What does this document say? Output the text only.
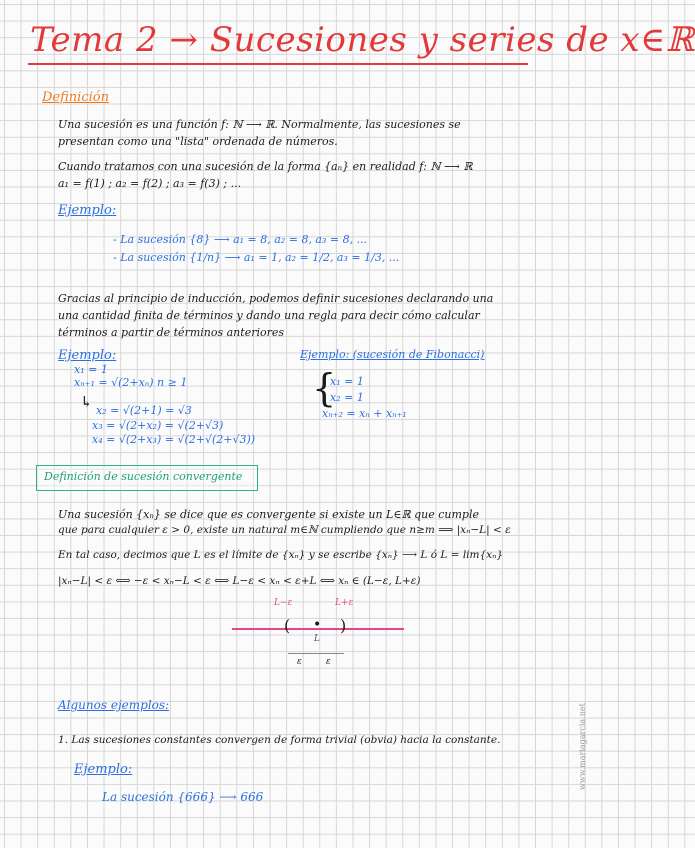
Tema 2 → Sucesiones y series de x∈ℝ
Definición
Una sucesión es una función f: ℕ ⟶ ℝ. Normalmente, las sucesiones se
presentan como una "lista" ordenada de números.
Cuando tratamos con una sucesión de la forma {aₙ} en realidad f: ℕ ⟶ ℝ
a₁ = f(1) ; a₂ = f(2) ; a₃ = f(3) ; ...
Ejemplo:
- La sucesión {8} ⟶ a₁ = 8, a₂ = 8, a₃ = 8, ...
- La sucesión {1/n} ⟶ a₁ = 1, a₂ = 1/2, a₃ = 1/3, ...
Gracias al principio de inducción, podemos definir sucesiones declarando una
una cantidad finita de términos y dando una regla para decir cómo calcular
términos a partir de términos anteriores
Ejemplo:
x₁ = 1
xₙ₊₁ = √(2+xₙ) n ≥ 1
↳ x₂ = √(2+1) = √3
x₃ = √(2+x₂) = √(2+√3)
x₄ = √(2+x₃) = √(2+√(2+√3))
Ejemplo: (sucesión de Fibonacci)
{
x₁ = 1
x₂ = 1
xₙ₊₂ = xₙ + xₙ₊₁
Definición de sucesión convergente
Una sucesión {xₙ} se dice que es convergente si existe un L∈ℝ que cumple
que para cualquier ε > 0, existe un natural m∈ℕ cumpliendo que n≥m ⟹ |xₙ−L| < ε
En tal caso, decimos que L es el límite de {xₙ} y se escribe {xₙ} ⟶ L ó L = lim{xₙ}
|xₙ−L| < ε ⟺ −ε < xₙ−L < ε ⟺ L−ε < xₙ < ε+L ⟺ xₙ ∈ (L−ε, L+ε)
L−ε	L+ε
(	)
•
L
ε	ε
Algunos ejemplos:
1. Las sucesiones constantes convergen de forma trivial (obvia) hacia la constante.
Ejemplo:
La sucesión {666} ⟶ 666
www.mariagarcia.net
